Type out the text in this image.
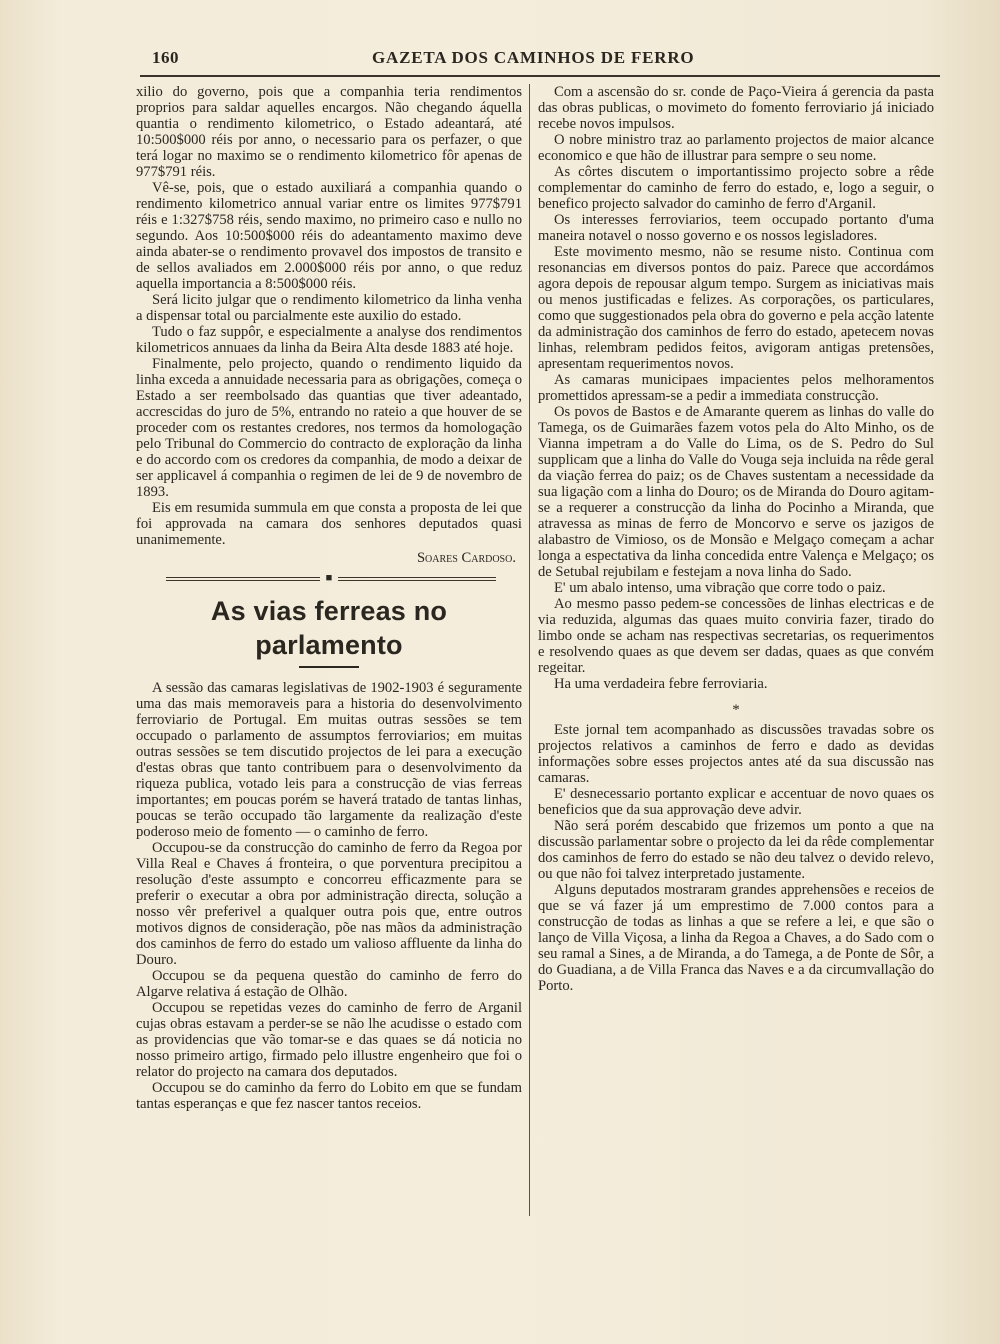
160	GAZETA DOS CAMINHOS DE FERRO

xilio do governo, pois que a companhia teria rendimentos proprios para saldar aquelles encargos. Não chegando áquella quantia o rendimento kilometrico, o Estado adeantará, até 10:500$000 réis por anno, o necessario para os perfazer, o que terá logar no maximo se o rendimento kilometrico fôr apenas de 977$791 réis.

Vê-se, pois, que o estado auxiliará a companhia quando o rendimento kilometrico annual variar entre os limites 977$791 réis e 1:327$758 réis, sendo maximo, no primeiro caso e nullo no segundo. Aos 10:500$000 réis do adeantamento maximo deve ainda abater-se o rendimento provavel dos impostos de transito e de sellos avaliados em 2.000$000 réis por anno, o que reduz aquella importancia a 8:500$000 réis.

Será licito julgar que o rendimento kilometrico da linha venha a dispensar total ou parcialmente este auxilio do estado.

Tudo o faz suppôr, e especialmente a analyse dos rendimentos kilometricos annuaes da linha da Beira Alta desde 1883 até hoje.

Finalmente, pelo projecto, quando o rendimento liquido da linha exceda a annuidade necessaria para as obrigações, começa o Estado a ser reembolsado das quantias que tiver adeantado, accrescidas do juro de 5%, entrando no rateio a que houver de se proceder com os restantes credores, nos termos da homologação pelo Tribunal do Commercio do contracto de exploração da linha e do accordo com os credores da companhia, de modo a deixar de ser applicavel á companhia o regimen de lei de 9 de novembro de 1893.

Eis em resumida summula em que consta a proposta de lei que foi approvada na camara dos senhores deputados quasi unanimemente.

Soares Cardoso.
■
As vias ferreas no parlamento

A sessão das camaras legislativas de 1902-1903 é seguramente uma das mais memoraveis para a historia do desenvolvimento ferroviario de Portugal. Em muitas outras sessões se tem occupado o parlamento de assumptos ferroviarios; em muitas outras sessões se tem discutido projectos de lei para a execução d'estas obras que tanto contribuem para o desenvolvimento da riqueza publica, votado leis para a construcção de vias ferreas importantes; em poucas porém se haverá tratado de tantas linhas, poucas se terão occupado tão largamente da realização d'este poderoso meio de fomento — o caminho de ferro.

Occupou-se da construcção do caminho de ferro da Regoa por Villa Real e Chaves á fronteira, o que porventura precipitou a resolução d'este assumpto e concorreu efficazmente para se preferir o executar a obra por administração directa, solução a nosso vêr preferivel a qualquer outra pois que, entre outros motivos dignos de consideração, põe nas mãos da administração dos caminhos de ferro do estado um valioso affluente da linha do Douro.

Occupou se da pequena questão do caminho de ferro do Algarve relativa á estação de Olhão.

Occupou se repetidas vezes do caminho de ferro de Arganil cujas obras estavam a perder-se se não lhe acudisse o estado com as providencias que vão tomar-se e das quaes se dá noticia no nosso primeiro artigo, firmado pelo illustre engenheiro que foi o relator do projecto na camara dos deputados.

Occupou se do caminho da ferro do Lobito em que se fundam tantas esperanças e que fez nascer tantos receios.

Com a ascensão do sr. conde de Paço-Vieira á gerencia da pasta das obras publicas, o movimeto do fomento ferroviario já iniciado recebe novos impulsos.

O nobre ministro traz ao parlamento projectos de maior alcance economico e que hão de illustrar para sempre o seu nome.

As côrtes discutem o importantissimo projecto sobre a rêde complementar do caminho de ferro do estado, e, logo a seguir, o benefico projecto salvador do caminho de ferro d'Arganil.

Os interesses ferroviarios, teem occupado portanto d'uma maneira notavel o nosso governo e os nossos legisladores.

Este movimento mesmo, não se resume nisto. Continua com resonancias em diversos pontos do paiz. Parece que accordámos agora depois de repousar algum tempo. Surgem as iniciativas mais ou menos justificadas e felizes. As corporações, os particulares, como que suggestionados pela obra do governo e pela acção latente da administração dos caminhos de ferro do estado, apetecem novas linhas, relembram pedidos feitos, avigoram antigas pretensões, apresentam requerimentos novos.

As camaras municipaes impacientes pelos melhoramentos promettidos apressam-se a pedir a immediata construcção.

Os povos de Bastos e de Amarante querem as linhas do valle do Tamega, os de Guimarães fazem votos pela do Alto Minho, os de Vianna impetram a do Valle do Lima, os de S. Pedro do Sul supplicam que a linha do Valle do Vouga seja incluida na rêde geral da viação ferrea do paiz; os de Chaves sustentam a necessidade da sua ligação com a linha do Douro; os de Miranda do Douro agitam-se a requerer a construcção da linha do Pocinho a Miranda, que atravessa as minas de ferro de Moncorvo e serve os jazigos de alabastro de Vimioso, os de Monsão e Melgaço começam a achar longa a espectativa da linha concedida entre Valença e Melgaço; os de Setubal rejubilam e festejam a nova linha do Sado.

E' um abalo intenso, uma vibração que corre todo o paiz.

Ao mesmo passo pedem-se concessões de linhas electricas e de via reduzida, algumas das quaes muito conviria fazer, tirado do limbo onde se acham nas respectivas secretarias, os requerimentos e resolvendo quaes as que devem ser dadas, quaes as que convém regeitar.

Ha uma verdadeira febre ferroviaria.

*

Este jornal tem acompanhado as discussões travadas sobre os projectos relativos a caminhos de ferro e dado as devidas informações sobre esses projectos antes até da sua discussão nas camaras.

E' desnecessario portanto explicar e accentuar de novo quaes os beneficios que da sua approvação deve advir.

Não será porém descabido que frizemos um ponto a que na discussão parlamentar sobre o projecto da lei da rêde complementar dos caminhos de ferro do estado se não deu talvez o devido relevo, ou que não foi talvez interpretado justamente.

Alguns deputados mostraram grandes apprehensões e receios de que se vá fazer já um emprestimo de 7.000 contos para a construcção de todas as linhas a que se refere a lei, e que são o lanço de Villa Viçosa, a linha da Regoa a Chaves, a do Sado com o seu ramal a Sines, a de Miranda, a do Tamega, a de Ponte de Sôr, a do Guadiana, a de Villa Franca das Naves e a da circumvallação do Porto.
